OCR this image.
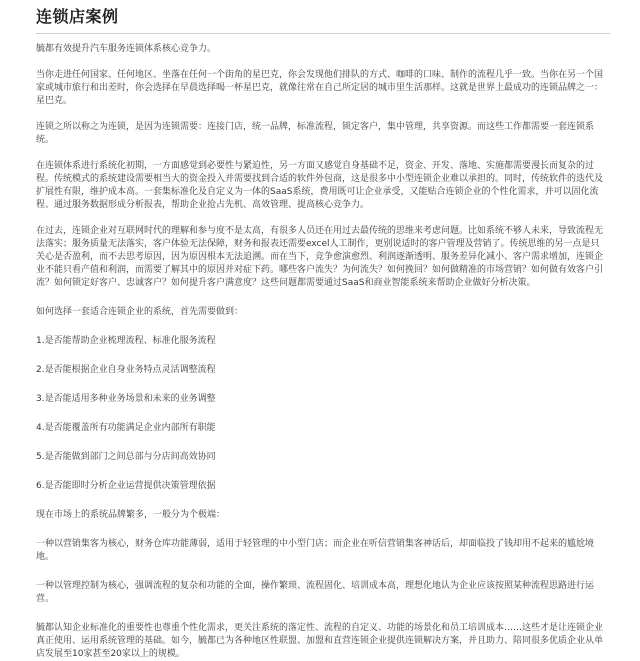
连锁店案例

毓都有效提升汽车服务连锁体系核心竞争力。

当你走进任何国家、任何地区、坐落在任何一个街角的星巴克，你会发现他们排队的方式、咖啡的口味、制作的流程几乎一致。当你在另一个国家或城市旅行和出差时，你会选择在早晨选择喝一杯星巴克，就像往常在自己所定居的城市里生活那样。这就是世界上最成功的连锁品牌之一：星巴克。

连锁之所以称之为连锁，是因为连锁需要：连接门店，统一品牌，标准流程，锁定客户，集中管理，共享资源。而这些工作都需要一套连锁系统。

在连锁体系进行系统化初期，一方面感觉到必要性与紧迫性，另一方面又感觉自身基础不足，资金、开发、落地、实施都需要漫长而复杂的过程。传统模式的系统建设需要相当大的资金投入并需要找到合适的软件外包商，这是很多中小型连锁企业难以承担的。同时，传统软件的迭代及扩展性有限，维护成本高。一套集标准化及自定义为一体的SaaS系统，费用既可让企业承受，又能贴合连锁企业的个性化需求，并可以固化流程、通过服务数据形成分析报表，帮助企业抢占先机、高效管理、提高核心竞争力。

在过去，连锁企业对互联网时代的理解和参与度不是太高，有很多人员还在用过去最传统的思维来考虑问题。比如系统不够人未来，导致流程无法落实；服务质量无法落实，客户体验无法保障，财务和报表还需要excel人工制作，更别说适时的客户管理及营销了。传统思维的另一点是只关心是否盈利，而不去思考原因，因为原因根本无法追溯。而在当下，竞争愈演愈烈、利润逐渐透明、服务差异化减小、客户需求增加，连锁企业不能只看产值和利润，而需要了解其中的原因并对症下药。哪些客户流失？为何流失？如何挽回？如何做精准的市场营销？如何做有效客户引流？如何锁定好客户、忠诚客户？如何提升客户满意度？这些问题都需要通过SaaS和商业智能系统来帮助企业做好分析决策。

如何选择一套适合连锁企业的系统，首先需要做到：

1.是否能帮助企业梳理流程、标准化服务流程

2.是否能根据企业自身业务特点灵活调整流程

3.是否能适用多种业务场景和未来的业务调整

4.是否能覆盖所有功能满足企业内部所有职能

5.是否能做到部门之间总部与分店间高效协同

6.是否能即时分析企业运营提供决策管理依据

现在市场上的系统品牌繁多，一般分为个极端：

一种以营销集客为核心，财务仓库功能薄弱，适用于轻管理的中小型门店；而企业在听信营销集客神话后，却面临投了钱却用不起来的尴尬境地。

一种以管理控制为核心，强调流程的复杂和功能的全面，操作繁琐、流程固化、培训成本高，理想化地认为企业应该按照某种流程思路进行运营。

毓都认知企业标准化的重要性也尊重个性化需求，更关注系统的落定性、流程的自定义、功能的场景化和员工培训成本……这些才是让连锁企业真正使用、运用系统管理的基础。如今，毓都已为各种地区性联盟、加盟和直营连锁企业提供连锁解决方案，并且助力、陪同很多优质企业从单店发展至10家甚至20家以上的规模。
